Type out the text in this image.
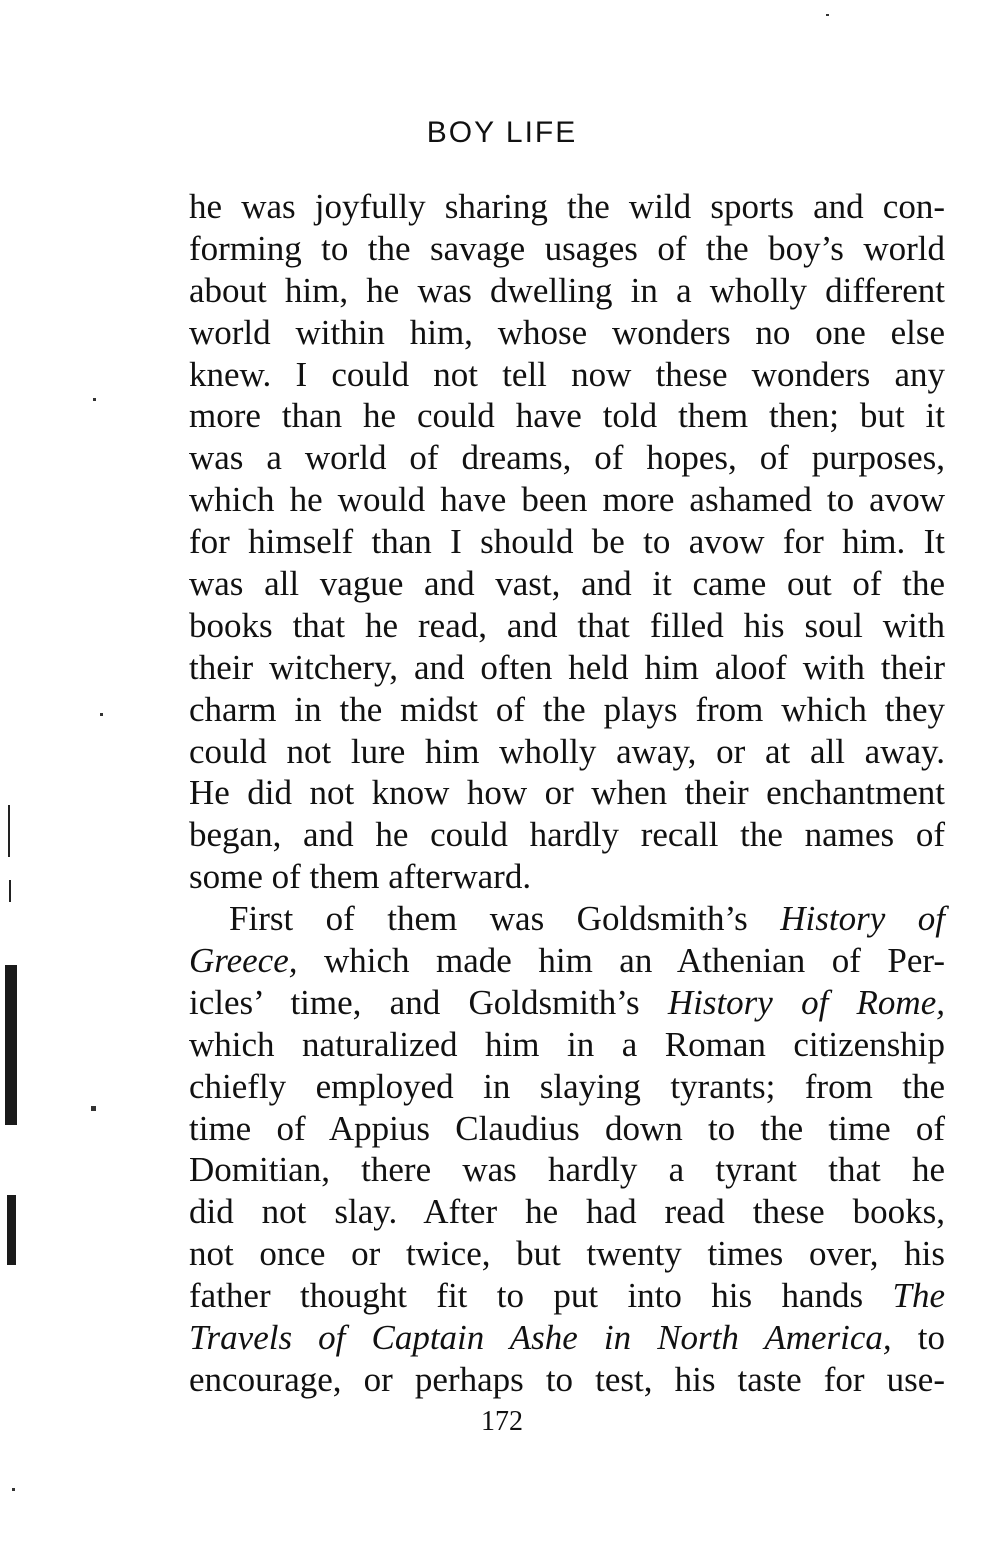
BOY LIFE
he was joyfully sharing the wild sports and con-
forming to the savage usages of the boy’s world
about him, he was dwelling in a wholly different
world within him, whose wonders no one else
knew. I could not tell now these wonders any
more than he could have told them then; but it
was a world of dreams, of hopes, of purposes,
which he would have been more ashamed to avow
for himself than I should be to avow for him. It
was all vague and vast, and it came out of the
books that he read, and that filled his soul with
their witchery, and often held him aloof with their
charm in the midst of the plays from which they
could not lure him wholly away, or at all away.
He did not know how or when their enchantment
began, and he could hardly recall the names of
some of them afterward.
First of them was Goldsmith’s History of
Greece, which made him an Athenian of Per-
icles’ time, and Goldsmith’s History of Rome,
which naturalized him in a Roman citizenship
chiefly employed in slaying tyrants; from the
time of Appius Claudius down to the time of
Domitian, there was hardly a tyrant that he
did not slay. After he had read these books,
not once or twice, but twenty times over, his
father thought fit to put into his hands The
Travels of Captain Ashe in North America, to
encourage, or perhaps to test, his taste for use-
172
